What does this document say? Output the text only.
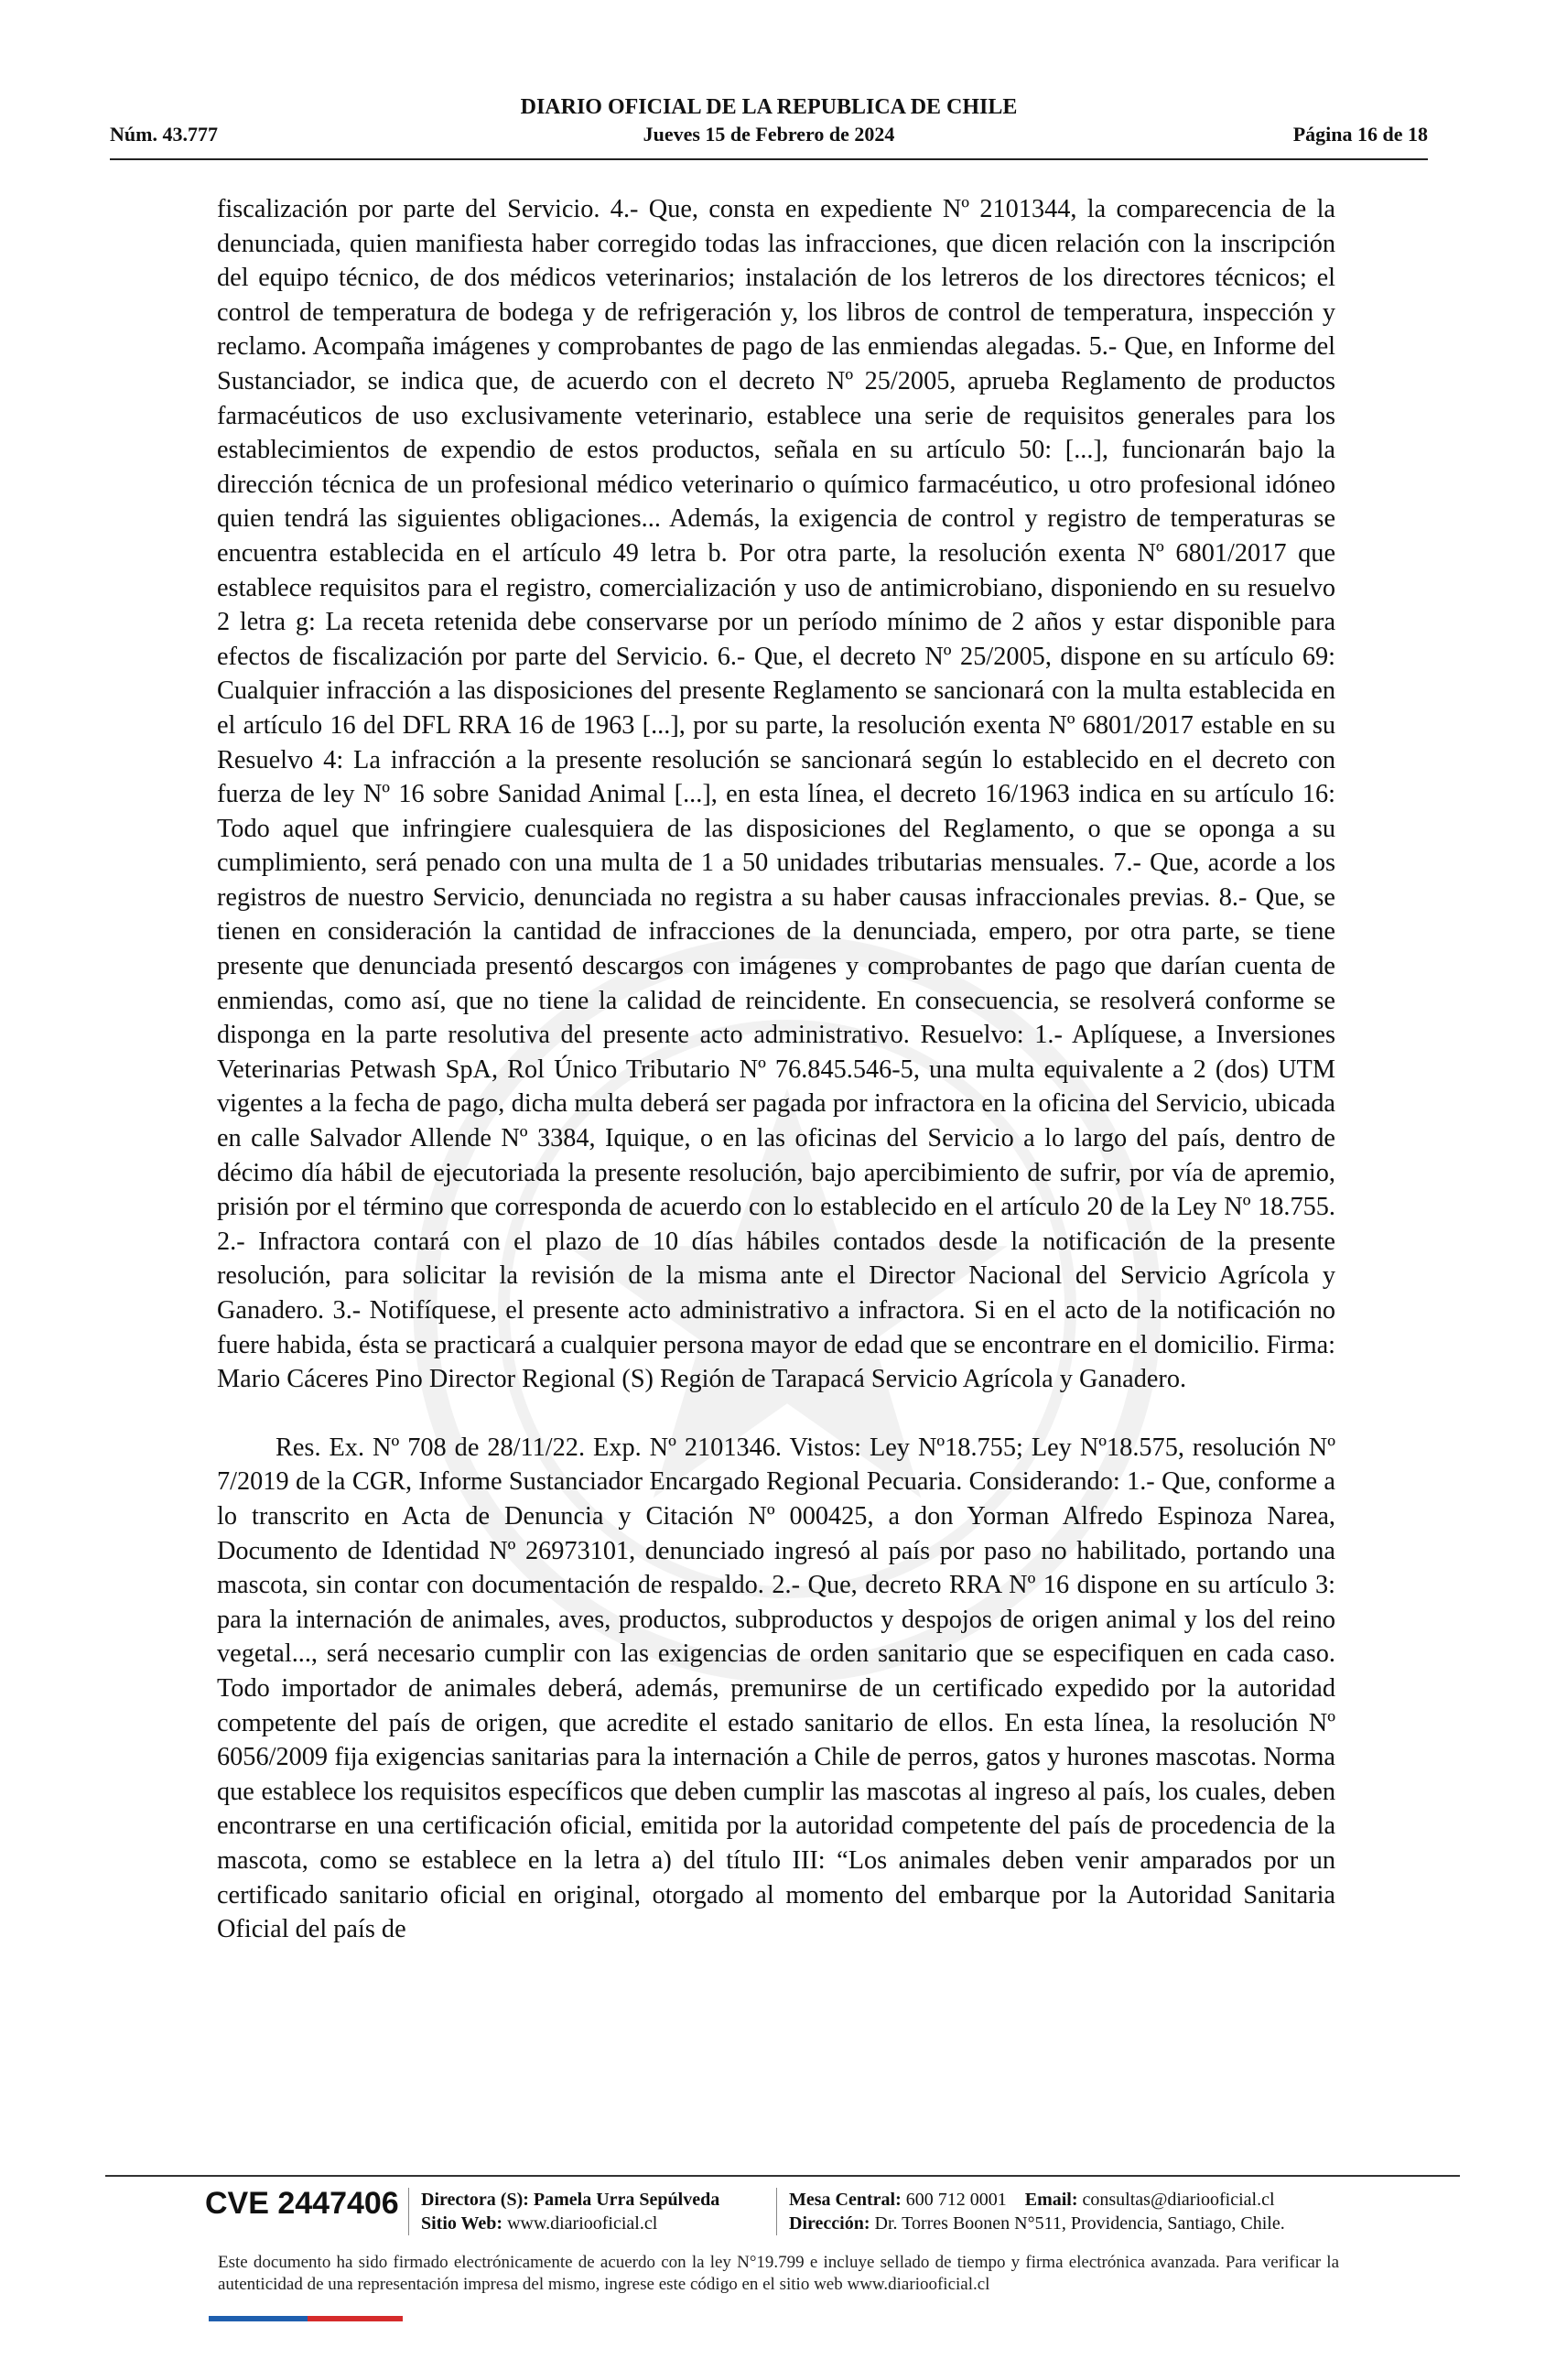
DIARIO OFICIAL DE LA REPUBLICA DE CHILE
Núm. 43.777	Jueves 15 de Febrero de 2024	Página 16 de 18

fiscalización por parte del Servicio. 4.- Que, consta en expediente Nº 2101344, la comparecencia de la denunciada, quien manifiesta haber corregido todas las infracciones, que dicen relación con la inscripción del equipo técnico, de dos médicos veterinarios; instalación de los letreros de los directores técnicos; el control de temperatura de bodega y de refrigeración y, los libros de control de temperatura, inspección y reclamo. Acompaña imágenes y comprobantes de pago de las enmiendas alegadas. 5.- Que, en Informe del Sustanciador, se indica que, de acuerdo con el decreto Nº 25/2005, aprueba Reglamento de productos farmacéuticos de uso exclusivamente veterinario, establece una serie de requisitos generales para los establecimientos de expendio de estos productos, señala en su artículo 50: [...], funcionarán bajo la dirección técnica de un profesional médico veterinario o químico farmacéutico, u otro profesional idóneo quien tendrá las siguientes obligaciones... Además, la exigencia de control y registro de temperaturas se encuentra establecida en el artículo 49 letra b. Por otra parte, la resolución exenta Nº 6801/2017 que establece requisitos para el registro, comercialización y uso de antimicrobiano, disponiendo en su resuelvo 2 letra g: La receta retenida debe conservarse por un período mínimo de 2 años y estar disponible para efectos de fiscalización por parte del Servicio. 6.- Que, el decreto Nº 25/2005, dispone en su artículo 69: Cualquier infracción a las disposiciones del presente Reglamento se sancionará con la multa establecida en el artículo 16 del DFL RRA 16 de 1963 [...], por su parte, la resolución exenta Nº 6801/2017 estable en su Resuelvo 4: La infracción a la presente resolución se sancionará según lo establecido en el decreto con fuerza de ley Nº 16 sobre Sanidad Animal [...], en esta línea, el decreto 16/1963 indica en su artículo 16: Todo aquel que infringiere cualesquiera de las disposiciones del Reglamento, o que se oponga a su cumplimiento, será penado con una multa de 1 a 50 unidades tributarias mensuales. 7.- Que, acorde a los registros de nuestro Servicio, denunciada no registra a su haber causas infraccionales previas. 8.- Que, se tienen en consideración la cantidad de infracciones de la denunciada, empero, por otra parte, se tiene presente que denunciada presentó descargos con imágenes y comprobantes de pago que darían cuenta de enmiendas, como así, que no tiene la calidad de reincidente. En consecuencia, se resolverá conforme se disponga en la parte resolutiva del presente acto administrativo. Resuelvo: 1.- Aplíquese, a Inversiones Veterinarias Petwash SpA, Rol Único Tributario Nº 76.845.546-5, una multa equivalente a 2 (dos) UTM vigentes a la fecha de pago, dicha multa deberá ser pagada por infractora en la oficina del Servicio, ubicada en calle Salvador Allende Nº 3384, Iquique, o en las oficinas del Servicio a lo largo del país, dentro de décimo día hábil de ejecutoriada la presente resolución, bajo apercibimiento de sufrir, por vía de apremio, prisión por el término que corresponda de acuerdo con lo establecido en el artículo 20 de la Ley Nº 18.755. 2.- Infractora contará con el plazo de 10 días hábiles contados desde la notificación de la presente resolución, para solicitar la revisión de la misma ante el Director Nacional del Servicio Agrícola y Ganadero. 3.- Notifíquese, el presente acto administrativo a infractora. Si en el acto de la notificación no fuere habida, ésta se practicará a cualquier persona mayor de edad que se encontrare en el domicilio. Firma: Mario Cáceres Pino Director Regional (S) Región de Tarapacá Servicio Agrícola y Ganadero.

Res. Ex. Nº 708 de 28/11/22. Exp. Nº 2101346. Vistos: Ley Nº18.755; Ley Nº18.575, resolución Nº 7/2019 de la CGR, Informe Sustanciador Encargado Regional Pecuaria. Considerando: 1.- Que, conforme a lo transcrito en Acta de Denuncia y Citación Nº 000425, a don Yorman Alfredo Espinoza Narea, Documento de Identidad Nº 26973101, denunciado ingresó al país por paso no habilitado, portando una mascota, sin contar con documentación de respaldo. 2.- Que, decreto RRA Nº 16 dispone en su artículo 3: para la internación de animales, aves, productos, subproductos y despojos de origen animal y los del reino vegetal..., será necesario cumplir con las exigencias de orden sanitario que se especifiquen en cada caso. Todo importador de animales deberá, además, premunirse de un certificado expedido por la autoridad competente del país de origen, que acredite el estado sanitario de ellos. En esta línea, la resolución Nº 6056/2009 fija exigencias sanitarias para la internación a Chile de perros, gatos y hurones mascotas. Norma que establece los requisitos específicos que deben cumplir las mascotas al ingreso al país, los cuales, deben encontrarse en una certificación oficial, emitida por la autoridad competente del país de procedencia de la mascota, como se establece en la letra a) del título III: “Los animales deben venir amparados por un certificado sanitario oficial en original, otorgado al momento del embarque por la Autoridad Sanitaria Oficial del país de

CVE 2447406 Directora (S): Pamela Urra Sepúlveda
Sitio Web: www.diariooficial.cl
Mesa Central: 600 712 0001 Email: consultas@diariooficial.cl
Dirección: Dr. Torres Boonen N°511, Providencia, Santiago, Chile.
Este documento ha sido firmado electrónicamente de acuerdo con la ley N°19.799 e incluye sellado de tiempo y firma electrónica avanzada. Para verificar la autenticidad de una representación impresa del mismo, ingrese este código en el sitio web www.diariooficial.cl
